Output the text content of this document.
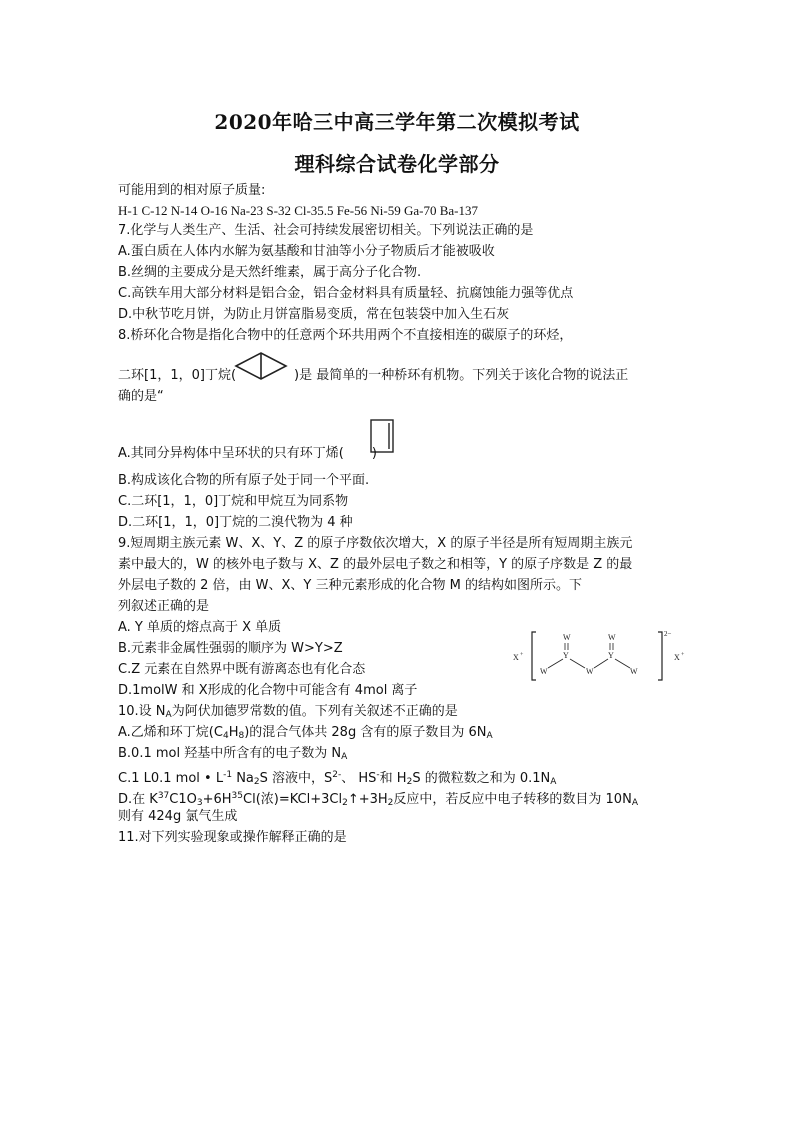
2020年哈三中高三学年第二次模拟考试
理科综合试卷化学部分
可能用到的相对原子质量:
H-1 C-12 N-14 O-16 Na-23 S-32 Cl-35.5 Fe-56 Ni-59 Ga-70 Ba-137
7.化学与人类生产、生活、社会可持续发展密切相关。下列说法正确的是
A.蛋白质在人体内水解为氨基酸和甘油等小分子物质后才能被吸收
B.丝绸的主要成分是天然纤维素，属于高分子化合物.
C.高铁车用大部分材料是铝合金，铝合金材料具有质量轻、抗腐蚀能力强等优点
D.中秋节吃月饼，为防止月饼富脂易变质，常在包装袋中加入生石灰
8.桥环化合物是指化合物中的任意两个环共用两个不直接相连的碳原子的环烃，
二环[1，1，0]丁烷(	)是 最简单的一种桥环有机物。下列关于该化合物的说法正
确的是“
A.其同分异构体中呈环状的只有环丁烯( )
B.构成该化合物的所有原子处于同一个平面.
C.二环[1，1，0]丁烷和甲烷互为同系物
D.二环[1，1，0]丁烷的二溴代物为 4 种
9.短周期主族元素 W、X、Y、Z 的原子序数依次增大，X 的原子半径是所有短周期主族元
素中最大的，W 的核外电子数与 X、Z 的最外层电子数之和相等，Y 的原子序数是 Z 的最
外层电子数的 2 倍，由 W、X、Y 三种元素形成的化合物 M 的结构如图所示。下
列叙述正确的是
A. Y 单质的熔点高于 X 单质
B.元素非金属性强弱的顺序为 W>Y>Z
C.Z 元素在自然界中既有游离态也有化合态
D.1molW 和 X形成的化合物中可能含有 4mol 离子
X +
2−
X +
W	W
Y	Y
W	W	W
10.设 $N_A$为阿伏加德罗常数的值。下列有关叙述不正确的是
A.乙烯和环丁烷$(C_4H_8)$的混合气体共 28g 含有的原子数目为 $6N_A$
B.0.1 mol 羟基中所含有的电子数为 $N_A$
C.1 L0.1 mol • $L^{-1}$ $Na_2S$ 溶液中，$S^{2-}$、 HS-和 $H_2S$ 的微粒数之和为 $0.1N_A$
D.在 $K^{37}C1O_3+6H^{35}Cl$(浓)$=KCl+3Cl_2↑+3H_2$反应中，若反应中电子转移的数目为 $10N_A$
则有 424g 氯气生成
11.对下列实验现象或操作解释正确的是
